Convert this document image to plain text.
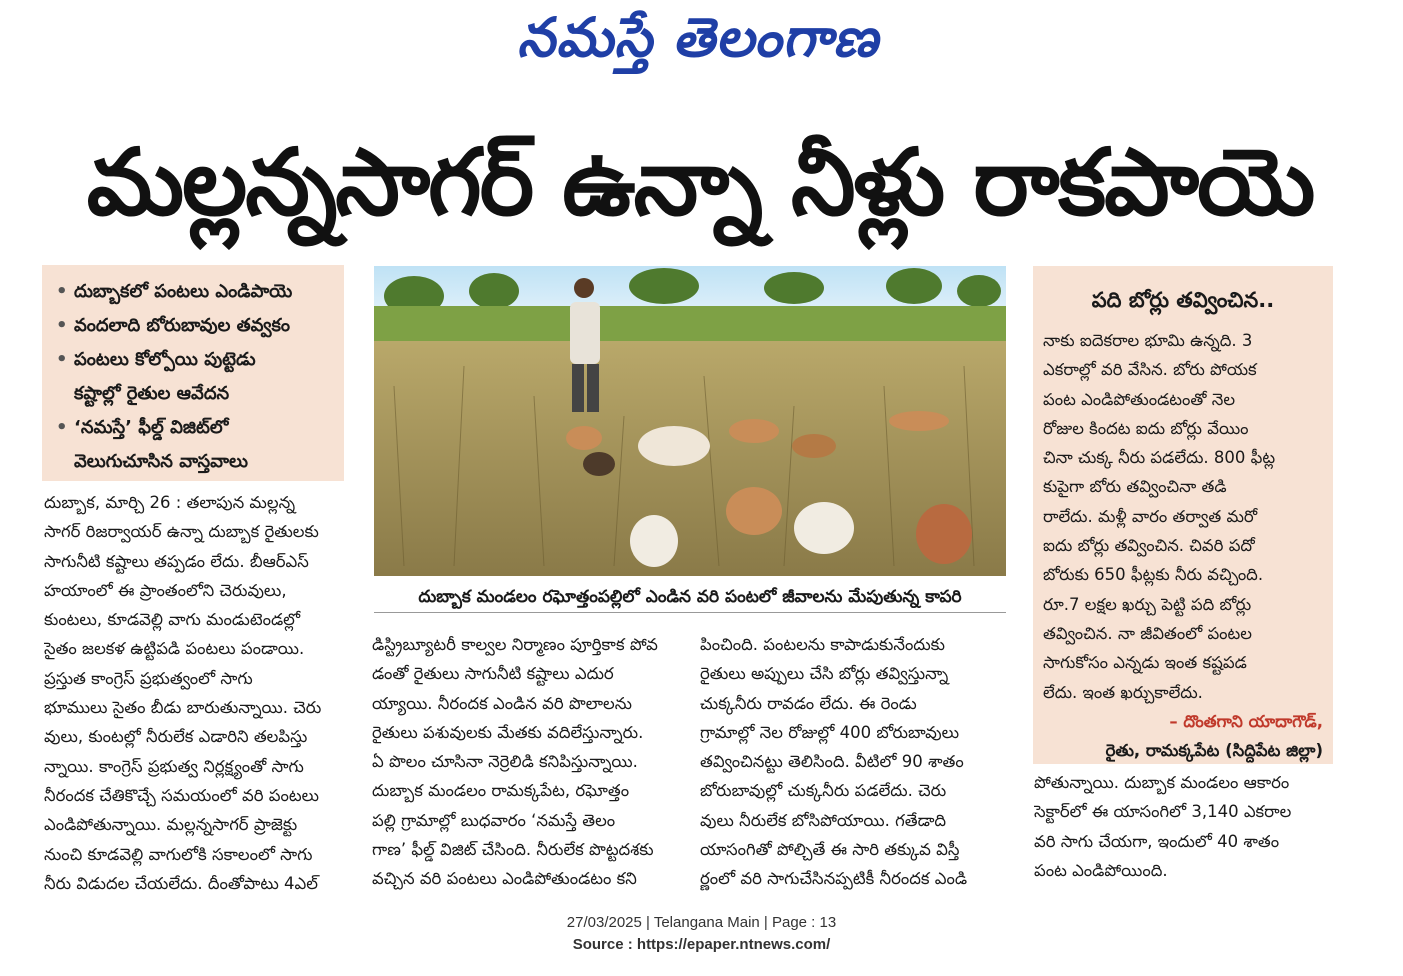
నమస్తే తెలంగాణ
మల్లన్నసాగర్ ఉన్నా నీళ్లు రాకపాయె
• దుబ్బాకలో పంటలు ఎండిపాయె
• వందలాది బోరుబావుల తవ్వకం
• పంటలు కోల్పోయి పుట్టెడు
కష్టాల్లో రైతుల ఆవేదన
• ‘నమస్తే’ ఫీల్డ్ విజిట్‌లో
వెలుగుచూసిన వాస్తవాలు
దుబ్బాక మండలం రఘోత్తంపల్లిలో ఎండిన వరి పంటలో జీవాలను మేపుతున్న కాపరి
దుబ్బాక, మార్చి 26 : తలాపున మల్లన్న
సాగర్ రిజర్వాయర్ ఉన్నా దుబ్బాక రైతులకు
సాగునీటి కష్టాలు తప్పడం లేదు. బీఆర్‌ఎస్
హయాంలో ఈ ప్రాంతంలోని చెరువులు,
కుంటలు, కూడవెల్లి వాగు మండుటెండల్లో
సైతం జలకళ ఉట్టిపడి పంటలు పండాయి.
ప్రస్తుత కాంగ్రెస్ ప్రభుత్వంలో సాగు
భూములు సైతం బీడు బారుతున్నాయి. చెరు
వులు, కుంటల్లో నీరులేక ఎడారిని తలపిస్తు
న్నాయి. కాంగ్రెస్ ప్రభుత్వ నిర్లక్ష్యంతో సాగు
నీరందక చేతికొచ్చే సమయంలో వరి పంటలు
ఎండిపోతున్నాయి. మల్లన్నసాగర్ ప్రాజెక్టు
నుంచి కూడవెల్లి వాగులోకి సకాలంలో సాగు
నీరు విడుదల చేయలేదు. దీంతోపాటు 4ఎల్
డిస్ట్రిబ్యూటరీ కాల్వల నిర్మాణం పూర్తికాక పోవ
డంతో రైతులు సాగునీటి కష్టాలు ఎదుర
య్యాయి. నీరందక ఎండిన వరి పొలాలను
రైతులు పశువులకు మేతకు వదిలేస్తున్నారు.
ఏ పొలం చూసినా నెర్రెలిడి కనిపిస్తున్నాయి.
దుబ్బాక మండలం రామక్కపేట, రఘోత్తం
పల్లి గ్రామాల్లో బుధవారం ‘నమస్తే తెలం
గాణ’ ఫీల్డ్ విజిట్ చేసింది. నీరులేక పొట్టదశకు
వచ్చిన వరి పంటలు ఎండిపోతుండటం కని
పించింది. పంటలను కాపాడుకునేందుకు
రైతులు అప్పులు చేసి బోర్లు తవ్విస్తున్నా
చుక్కనీరు రావడం లేదు. ఈ రెండు
గ్రామాల్లో నెల రోజుల్లో 400 బోరుబావులు
తవ్వించినట్టు తెలిసింది. వీటిలో 90 శాతం
బోరుబావుల్లో చుక్కనీరు పడలేదు. చెరు
వులు నీరులేక బోసిపోయాయి. గతేడాది
యాసంగితో పోల్చితే ఈ సారి తక్కువ విస్తీ
ర్ణంలో వరి సాగుచేసినప్పటికీ నీరందక ఎండి
పది బోర్లు తవ్వించిన..
నాకు ఐదెకరాల భూమి ఉన్నది. 3
ఎకరాల్లో వరి వేసిన. బోరు పోయక
పంట ఎండిపోతుండటంతో నెల
రోజుల కిందట ఐదు బోర్లు వేయిం
చినా చుక్క నీరు పడలేదు. 800 ఫీట్ల
కుపైగా బోరు తవ్వించినా తడి
రాలేదు. మళ్లీ వారం తర్వాత మరో
ఐదు బోర్లు తవ్వించిన. చివరి పదో
బోరుకు 650 ఫీట్లకు నీరు వచ్చింది.
రూ.7 లక్షల ఖర్చు పెట్టి పది బోర్లు
తవ్వించిన. నా జీవితంలో పంటల
సాగుకోసం ఎన్నడు ఇంత కష్టపడ
లేదు. ఇంత ఖర్చుకాలేదు.
– దొంతగాని యాదాగౌడ్,
రైతు, రామక్కపేట (సిద్దిపేట జిల్లా)
పోతున్నాయి. దుబ్బాక మండలం ఆకారం
సెక్టార్‌లో ఈ యాసంగిలో 3,140 ఎకరాల
వరి సాగు చేయగా, ఇందులో 40 శాతం
పంట ఎండిపోయింది.
27/03/2025 | Telangana Main | Page : 13
Source : https://epaper.ntnews.com/
